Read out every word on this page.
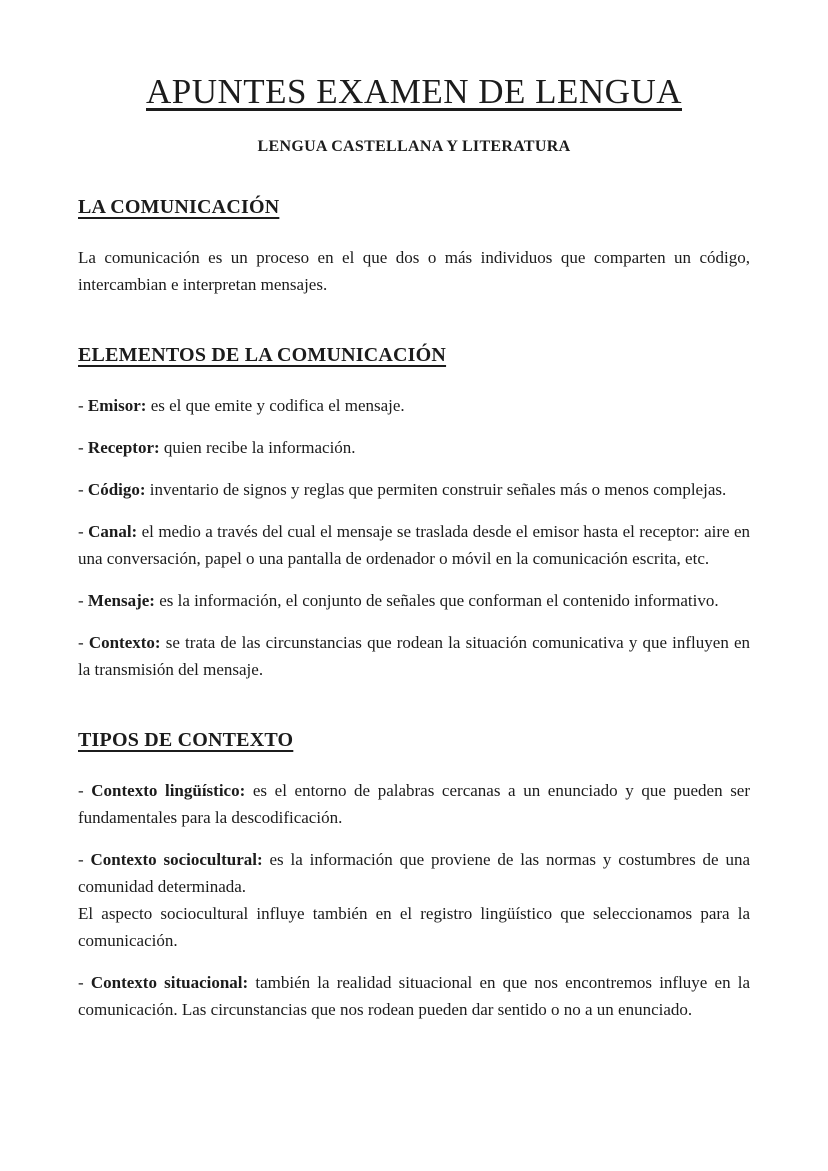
APUNTES EXAMEN DE LENGUA
LENGUA CASTELLANA Y LITERATURA
LA COMUNICACIÓN

La comunicación es un proceso en el que dos o más individuos que comparten un código, intercambian e interpretan mensajes.

ELEMENTOS DE LA COMUNICACIÓN

- Emisor: es el que emite y codifica el mensaje.

- Receptor: quien recibe la información.

- Código: inventario de signos y reglas que permiten construir señales más o menos complejas.

- Canal: el medio a través del cual el mensaje se traslada desde el emisor hasta el receptor: aire en una conversación, papel o una pantalla de ordenador o móvil en la comunicación escrita, etc.

- Mensaje: es la información, el conjunto de señales que conforman el contenido informativo.

- Contexto: se trata de las circunstancias que rodean la situación comunicativa y que influyen en la transmisión del mensaje.

TIPOS DE CONTEXTO

- Contexto lingüístico: es el entorno de palabras cercanas a un enunciado y que pueden ser fundamentales para la descodificación.

- Contexto sociocultural: es la información que proviene de las normas y costumbres de una comunidad determinada.
El aspecto sociocultural influye también en el registro lingüístico que seleccionamos para la comunicación.

- Contexto situacional: también la realidad situacional en que nos encontremos influye en la comunicación. Las circunstancias que nos rodean pueden dar sentido o no a un enunciado.
